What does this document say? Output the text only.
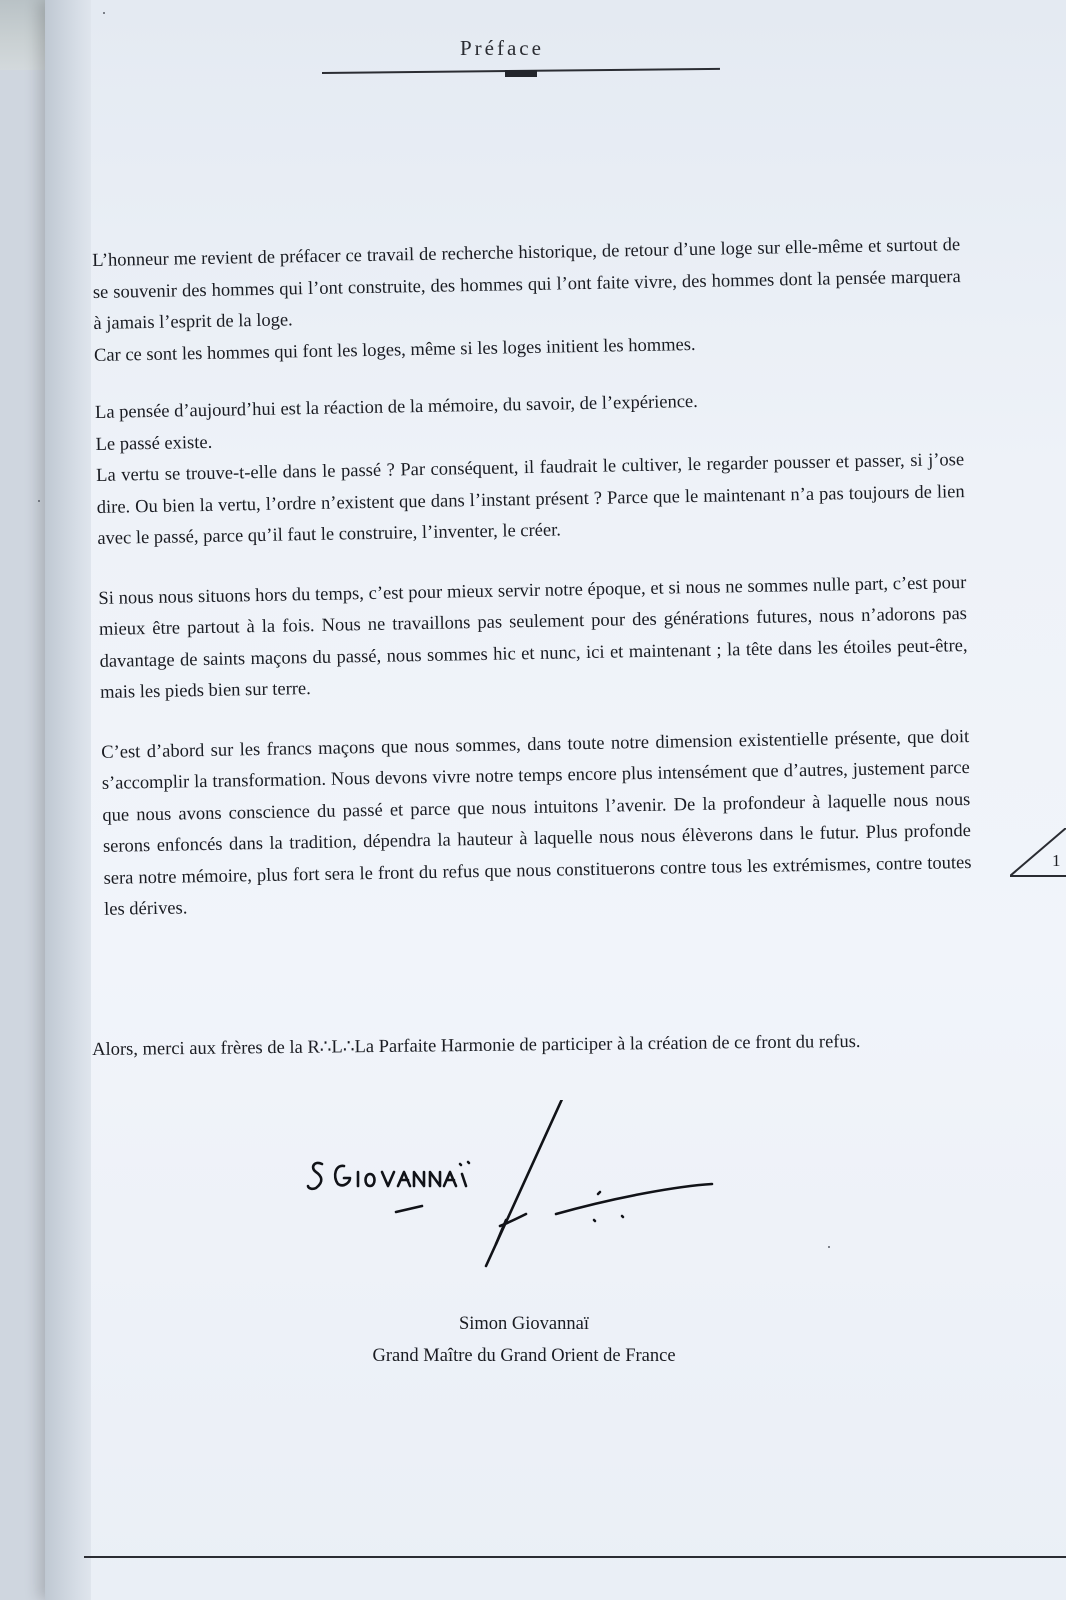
Préface

L’honneur me revient de préfacer ce travail de recherche historique, de retour d’une loge sur elle-même et surtout de se souvenir des hommes qui l’ont construite, des hommes qui l’ont faite vivre, des hommes dont la pensée marquera à jamais l’esprit de la loge.

Car ce sont les hommes qui font les loges, même si les loges initient les hommes.

La pensée d’aujourd’hui est la réaction de la mémoire, du savoir, de l’expérience.

Le passé existe.

La vertu se trouve-t-elle dans le passé ? Par conséquent, il faudrait le cultiver, le regarder pousser et passer, si j’ose dire. Ou bien la vertu, l’ordre n’existent que dans l’instant présent ? Parce que le maintenant n’a pas toujours de lien avec le passé, parce qu’il faut le construire, l’inventer, le créer.

Si nous nous situons hors du temps, c’est pour mieux servir notre époque, et si nous ne sommes nulle part, c’est pour mieux être partout à la fois. Nous ne travaillons pas seulement pour des générations futures, nous n’adorons pas davantage de saints maçons du passé, nous sommes hic et nunc, ici et maintenant ; la tête dans les étoiles peut-être, mais les pieds bien sur terre.

C’est d’abord sur les francs maçons que nous sommes, dans toute notre dimension existentielle présente, que doit s’accomplir la transformation. Nous devons vivre notre temps encore plus intensément que d’autres, justement parce que nous avons conscience du passé et parce que nous intuitons l’avenir. De la profondeur à laquelle nous nous serons enfoncés dans la tradition, dépendra la hauteur à laquelle nous nous élèverons dans le futur. Plus profonde sera notre mémoire, plus fort sera le front du refus que nous constituerons contre tous les extrémismes, contre toutes les dérives.

Alors, merci aux frères de la R∴L∴La Parfaite Harmonie de participer à la création de ce front du refus.

Simon Giovannaï

Grand Maître du Grand Orient de France

1
